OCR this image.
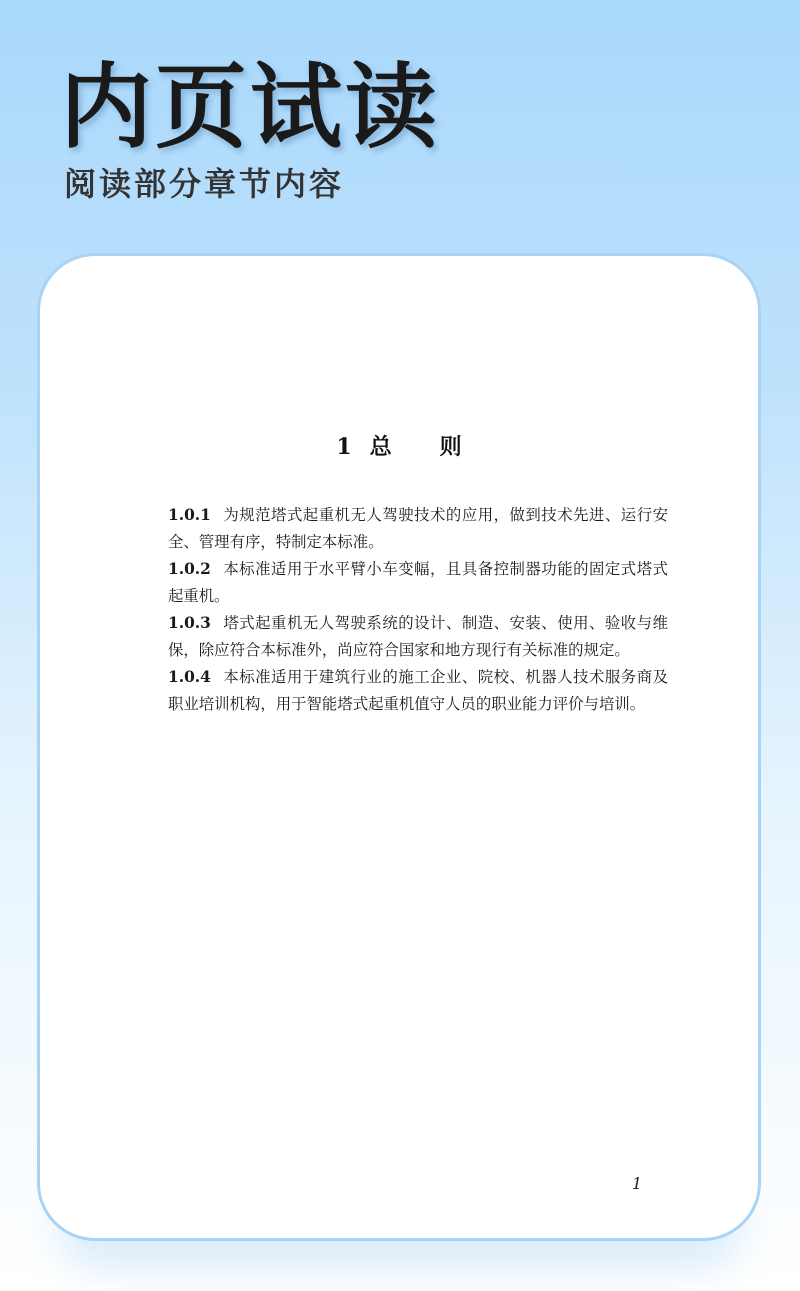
内页试读
阅读部分章节内容
1 总则

1.0.1 为规范塔式起重机无人驾驶技术的应用，做到技术先进、运行安全、管理有序，特制定本标准。

1.0.2 本标准适用于水平臂小车变幅，且具备控制器功能的固定式塔式起重机。

1.0.3 塔式起重机无人驾驶系统的设计、制造、安装、使用、验收与维保，除应符合本标准外，尚应符合国家和地方现行有关标准的规定。

1.0.4 本标准适用于建筑行业的施工企业、院校、机器人技术服务商及职业培训机构，用于智能塔式起重机值守人员的职业能力评价与培训。

1
